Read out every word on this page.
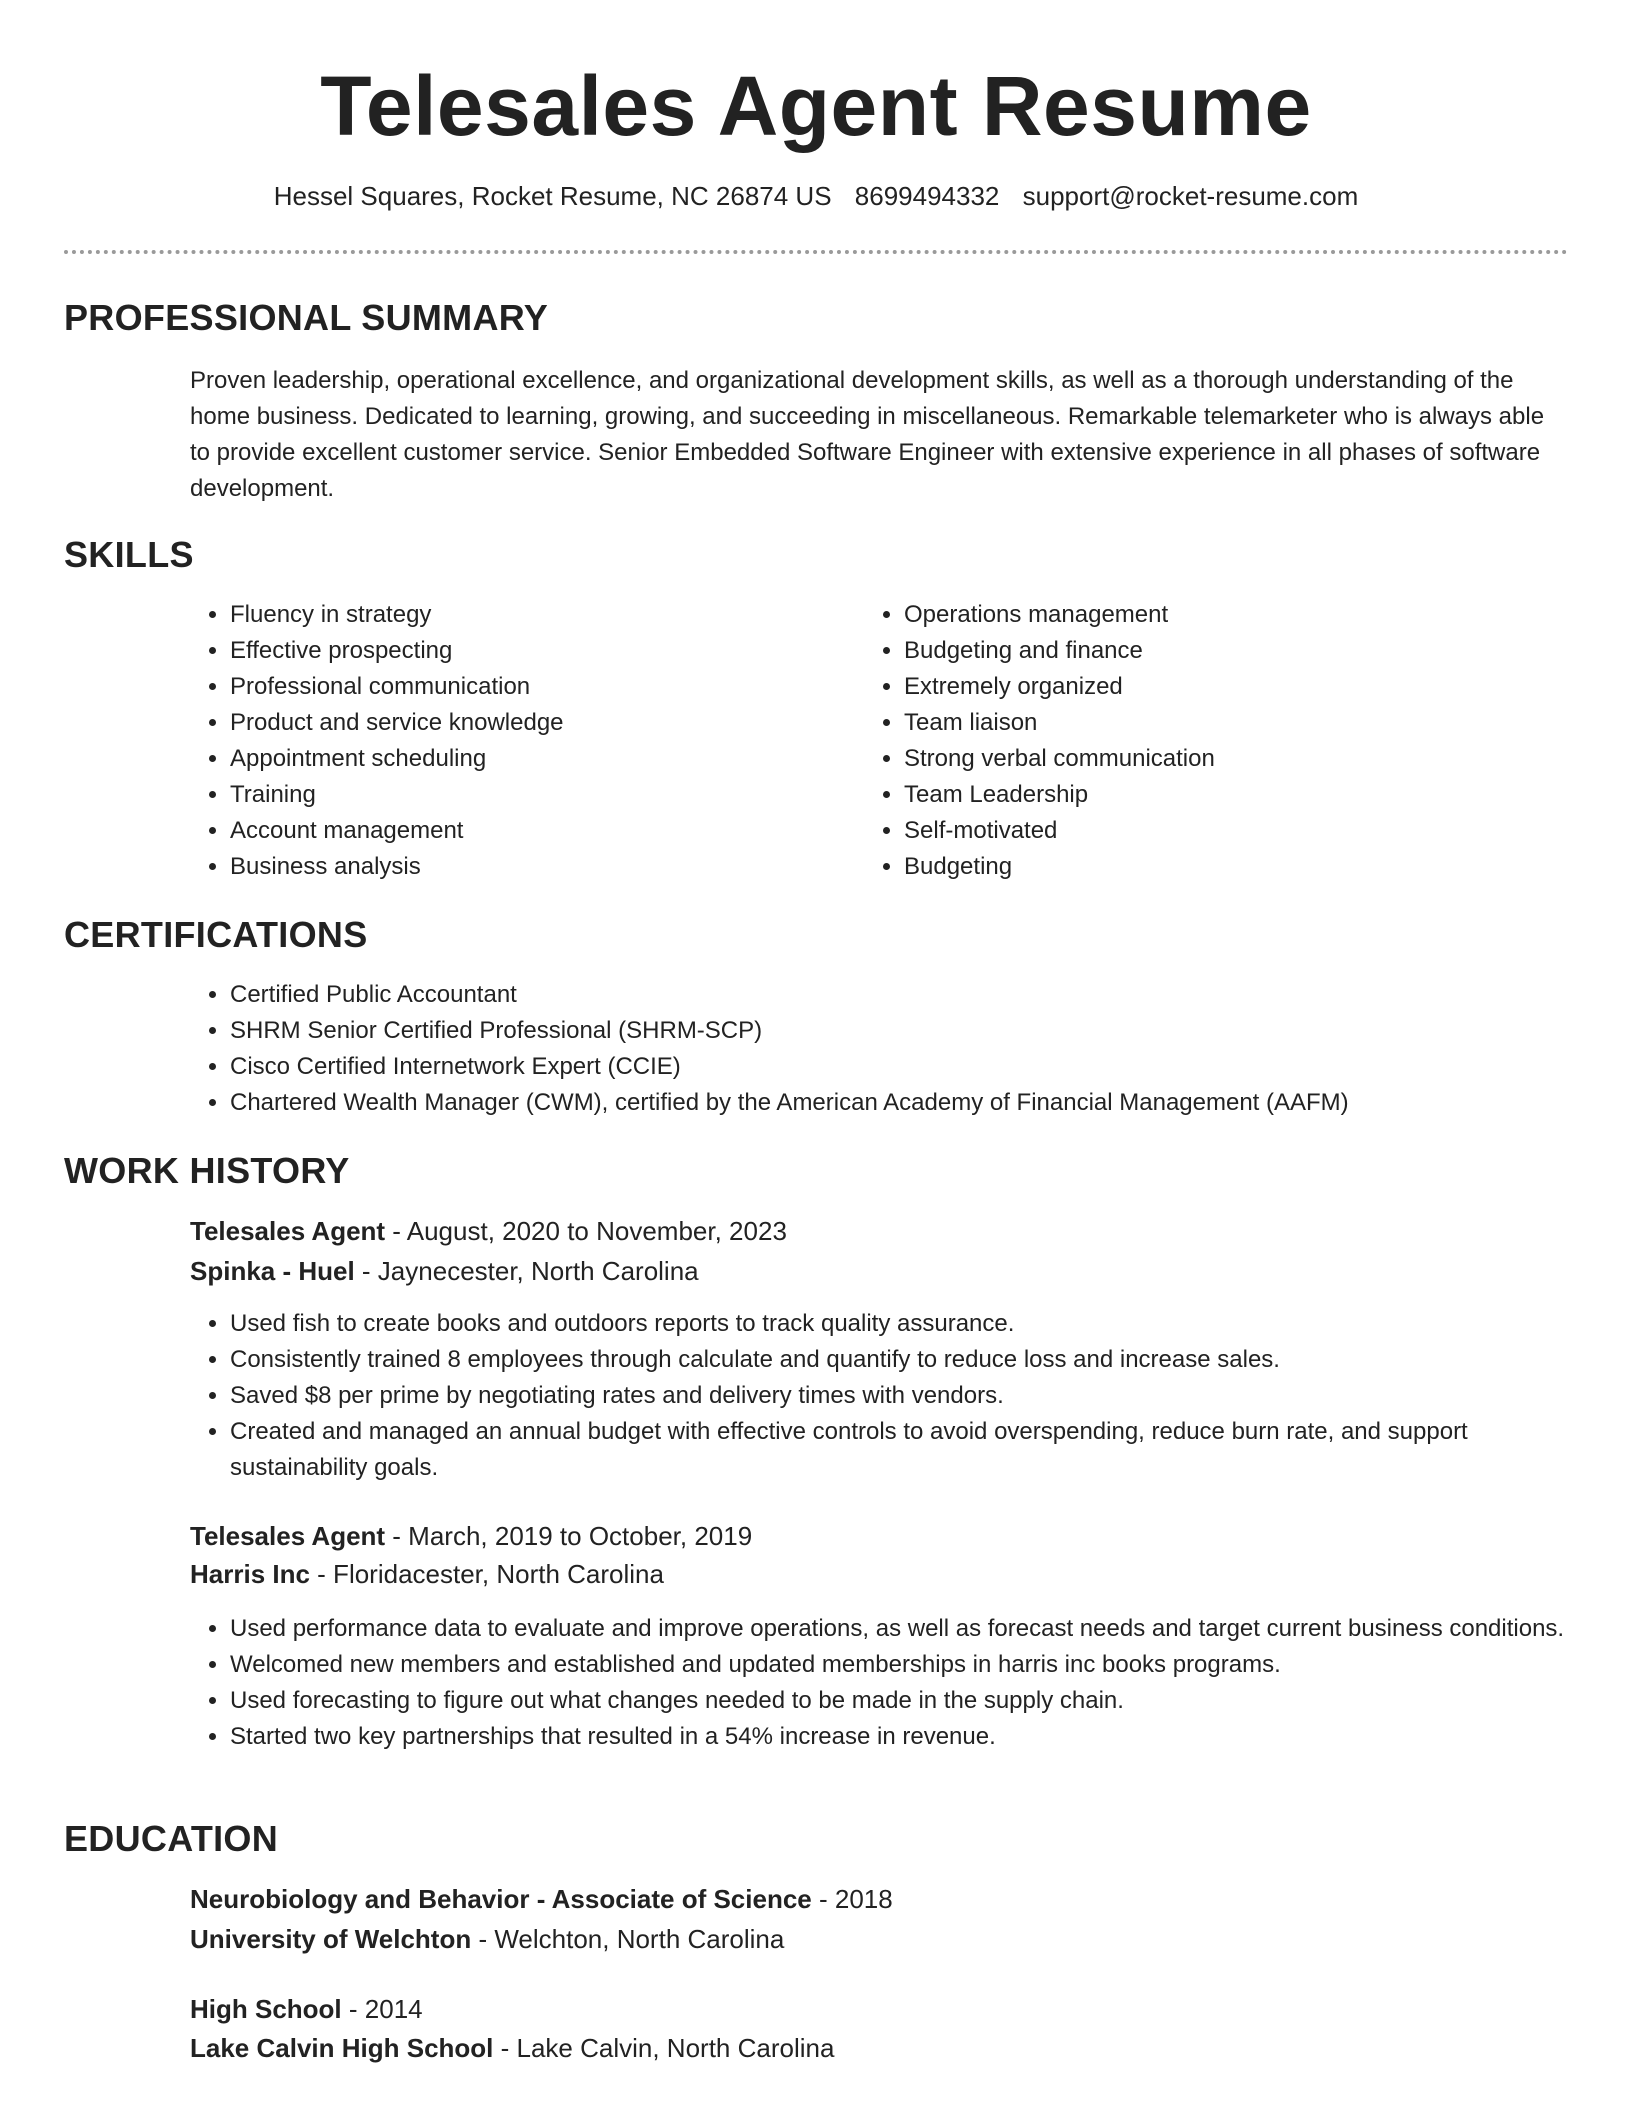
Telesales Agent Resume
Hessel Squares, Rocket Resume, NC 26874 US 8699494332 support@rocket-resume.com
PROFESSIONAL SUMMARY

Proven leadership, operational excellence, and organizational development skills, as well as a thorough understanding of the home business. Dedicated to learning, growing, and succeeding in miscellaneous. Remarkable telemarketer who is always able to provide excellent customer service. Senior Embedded Software Engineer with extensive experience in all phases of software development.

SKILLS
• Fluency in strategy
• Effective prospecting
• Professional communication
• Product and service knowledge
• Appointment scheduling
• Training
• Account management
• Business analysis
• Operations management
• Budgeting and finance
• Extremely organized
• Team liaison
• Strong verbal communication
• Team Leadership
• Self-motivated
• Budgeting
CERTIFICATIONS
• Certified Public Accountant
• SHRM Senior Certified Professional (SHRM-SCP)
• Cisco Certified Internetwork Expert (CCIE)
• Chartered Wealth Manager (CWM), certified by the American Academy of Financial Management (AAFM)
WORK HISTORY
Telesales Agent - August, 2020 to November, 2023
Spinka - Huel - Jaynecester, North Carolina
• Used fish to create books and outdoors reports to track quality assurance.
• Consistently trained 8 employees through calculate and quantify to reduce loss and increase sales.
• Saved $8 per prime by negotiating rates and delivery times with vendors.
• Created and managed an annual budget with effective controls to avoid overspending, reduce burn rate, and support sustainability goals.
Telesales Agent - March, 2019 to October, 2019
Harris Inc - Floridacester, North Carolina
• Used performance data to evaluate and improve operations, as well as forecast needs and target current business conditions.
• Welcomed new members and established and updated memberships in harris inc books programs.
• Used forecasting to figure out what changes needed to be made in the supply chain.
• Started two key partnerships that resulted in a 54% increase in revenue.
EDUCATION
Neurobiology and Behavior - Associate of Science - 2018
University of Welchton - Welchton, North Carolina
High School - 2014
Lake Calvin High School - Lake Calvin, North Carolina
